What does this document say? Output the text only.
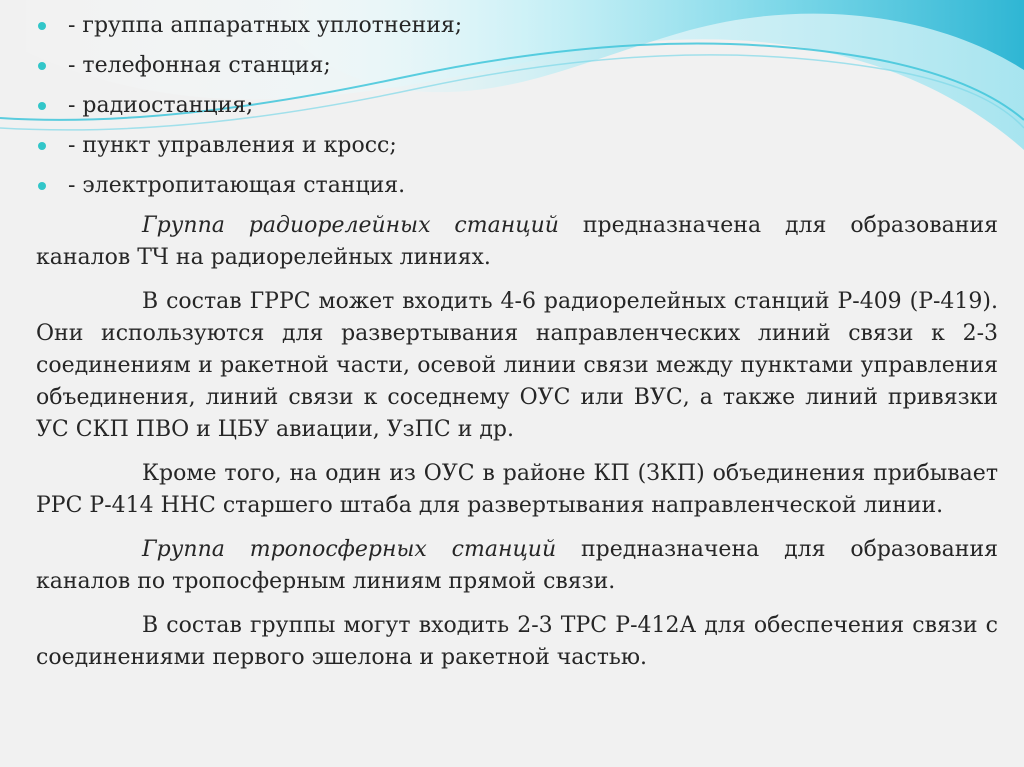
- группа аппаратных уплотнения;
- телефонная станция;
- радиостанция;
- пункт управления и кросс;
- электропитающая станция.

Группа радиорелейных станций предназначена для образования каналов ТЧ на радиорелейных линиях.

В состав ГРРС может входить 4-6 радиорелейных станций Р-409 (Р-419). Они используются для развертывания направленческих линий связи к 2-3 соединениям и ракетной части, осевой линии связи между пунктами управления объединения, линий связи к соседнему ОУС или ВУС, а также линий привязки УС СКП ПВО и ЦБУ авиации, УзПС и др.

Кроме того, на один из ОУС в районе КП (ЗКП) объединения прибывает РРС Р-414 ННС старшего штаба для развертывания направленческой линии.

Группа тропосферных станций предназначена для образования каналов по тропосферным линиям прямой связи.

В состав группы могут входить 2-3 ТРС Р-412А для обеспечения связи с соединениями первого эшелона и ракетной частью.
